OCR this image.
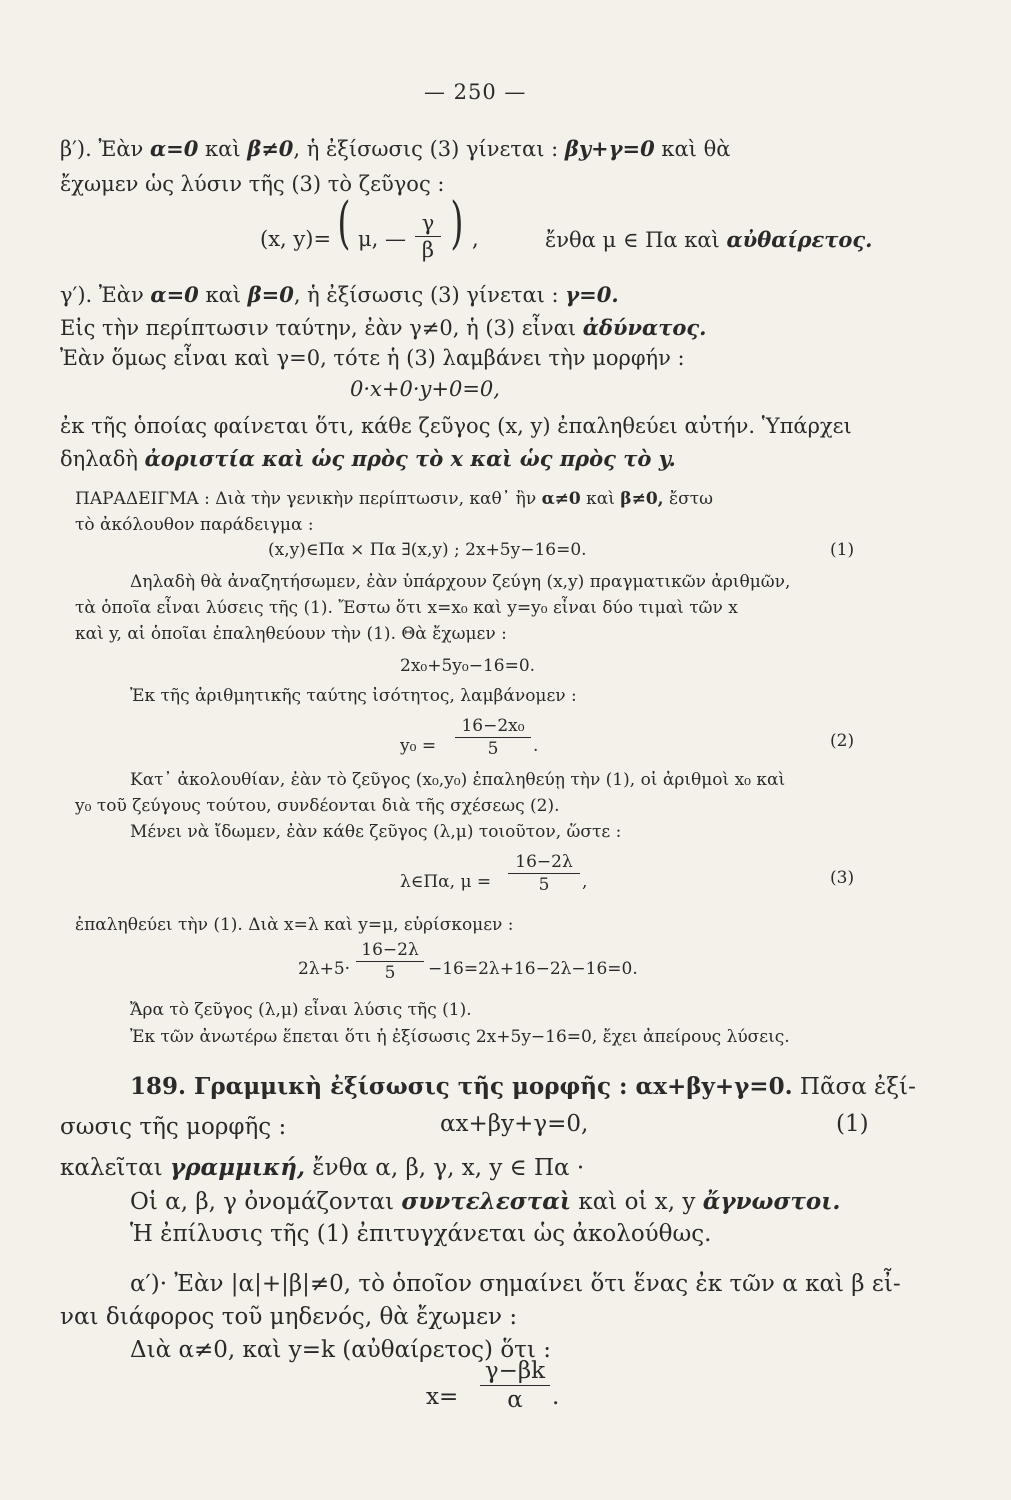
— 250 —
β′). Ἐὰν α=0 καὶ β≠0, ἡ ἐξίσωσις (3) γίνεται : βy+γ=0 καὶ θὰ
ἔχωμεν ὡς λύσιν τῆς (3) τὸ ζεῦγος :
(x, y)= ( μ, — $\frac{\gamma}{\beta}$ ) ,	ἔνθα μ ∈ Πα καὶ αὐθαίρετος.
γ′). Ἐὰν α=0 καὶ β=0, ἡ ἐξίσωσις (3) γίνεται : γ=0.
Εἰς τὴν περίπτωσιν ταύτην, ἐὰν γ≠0, ἡ (3) εἶναι ἀδύνατος.
Ἐὰν ὅμως εἶναι καὶ γ=0, τότε ἡ (3) λαμβάνει τὴν μορφήν :
0·x+0·y+0=0,
ἐκ τῆς ὁποίας φαίνεται ὅτι, κάθε ζεῦγος (x, y) ἐπαληθεύει αὐτήν. Ὑπάρχει
δηλαδὴ ἀοριστία καὶ ὡς πρὸς τὸ x καὶ ὡς πρὸς τὸ y.
ΠΑΡΑΔΕΙΓΜΑ : Διὰ τὴν γενικὴν περίπτωσιν, καθ᾽ ἣν α≠0 καὶ β≠0, ἔστω
τὸ ἀκόλουθον παράδειγμα :
(x,y)∈Πα × Πα ∃(x,y) ; 2x+5y−16=0.	(1)
Δηλαδὴ θὰ ἀναζητήσωμεν, ἐὰν ὑπάρχουν ζεύγη (x,y) πραγματικῶν ἀριθμῶν,
τὰ ὁποῖα εἶναι λύσεις τῆς (1). Ἔστω ὅτι x=x₀ καὶ y=y₀ εἶναι δύο τιμαὶ τῶν x
καὶ y, αἱ ὁποῖαι ἐπαληθεύουν τὴν (1). Θὰ ἔχωμεν :
2x₀+5y₀−16=0.
Ἐκ τῆς ἀριθμητικῆς ταύτης ἰσότητος, λαμβάνομεν :
$y_0 = \frac{\text{16−2x₀}}{5}$ .	(2)
Κατ᾽ ἀκολουθίαν, ἐὰν τὸ ζεῦγος (x₀,y₀) ἐπαληθεύῃ τὴν (1), οἱ ἀριθμοὶ x₀ καὶ
y₀ τοῦ ζεύγους τούτου, συνδέονται διὰ τῆς σχέσεως (2).
Μένει νὰ ἴδωμεν, ἐὰν κάθε ζεῦγος (λ,μ) τοιοῦτον, ὥστε :
λ∈Πα, $\mu = \frac{16-2\lambda}{5}$ ,	(3)
ἐπαληθεύει τὴν (1). Διὰ x=λ καὶ y=μ, εὑρίσκομεν :
$2\lambda+5\cdot \frac{16-2\lambda}{5} -16=2\lambda+16-2\lambda-16=0$.
Ἄρα τὸ ζεῦγος (λ,μ) εἶναι λύσις τῆς (1).
Ἐκ τῶν ἀνωτέρω ἕπεται ὅτι ἡ ἐξίσωσις 2x+5y−16=0, ἔχει ἀπείρους λύσεις.
189. Γραμμικὴ ἐξίσωσις τῆς μορφῆς : αx+βy+γ=0. Πᾶσα ἐξί-
σωσις τῆς μορφῆς :	αx+βy+γ=0,	(1)
καλεῖται γραμμική, ἔνθα α, β, γ, x, y ∈ Πα ·
Οἱ α, β, γ ὀνομάζονται συντελεσταὶ καὶ οἱ x, y ἄγνωστοι.
Ἡ ἐπίλυσις τῆς (1) ἐπιτυγχάνεται ὡς ἀκολούθως.
α′)· Ἐὰν |α|+|β|≠0, τὸ ὁποῖον σημαίνει ὅτι ἕνας ἐκ τῶν α καὶ β εἶ-
ναι διάφορος τοῦ μηδενός, θὰ ἔχωμεν :
Διὰ α≠0, καὶ y=k (αὐθαίρετος) ὅτι :
$x= \frac{\gamma-\beta k}{\alpha}$ .
